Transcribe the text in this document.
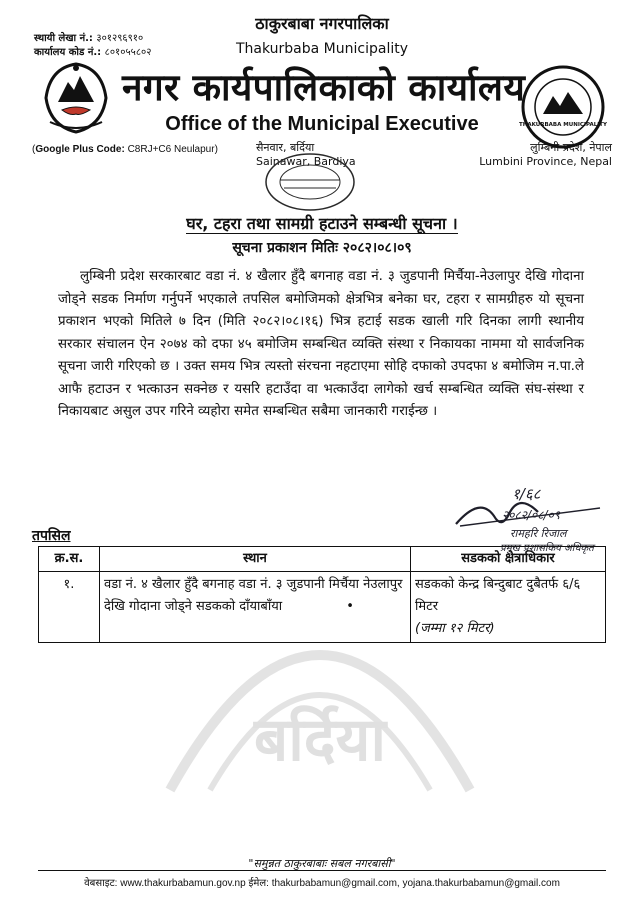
बर्दिया
स्थायी लेखा नं.: ३०१२९६९१०
कार्यालय कोड नं.: ८०१०५५८०२
THAKURBABA MUNICIPALITY
ठाकुरबाबा नगरपालिका
Thakurbaba Municipality
नगर कार्यपालिकाको कार्यालय
Office of the Municipal Executive
(Google Plus Code: C8RJ+C6 Neulapur)	सैनवार, बर्दिया
Sainawar, Bardiya
लुम्बिनी प्रदेश, नेपाल
Lumbini Province, Nepal
घर, टहरा तथा सामग्री हटाउने सम्बन्धी सूचना ।
सूचना प्रकाशन मितिः २०८२।०८।०९
लुम्बिनी प्रदेश सरकारबाट वडा नं. ४ खैलार हुँदै बगनाह वडा नं. ३ जुडपानी मिर्चैया-नेउलापुर देखि गोदाना जोड्ने सडक निर्माण गर्नुपर्ने भएकाले तपसिल बमोजिमको क्षेत्रभित्र बनेका घर, टहरा र सामग्रीहरु यो सूचना प्रकाशन भएको मितिले ७ दिन (मिति २०८२।०८।१६) भित्र हटाई सडक खाली गरि दिनका लागी स्थानीय सरकार संचालन ऐन २०७४ को दफा ४५ बमोजिम सम्बन्धित व्यक्ति संस्था र निकायका नाममा यो सार्वजनिक सूचना जारी गरिएको छ । उक्त समय भित्र त्यस्तो संरचना नहटाएमा सोहि दफाको उपदफा ४ बमोजिम न.पा.ले आफै हटाउन र भत्काउन सक्नेछ र यसरि हटाउँदा वा भत्काउँदा लागेको खर्च सम्बन्धित व्यक्ति संघ-संस्था र निकायबाट असुल उपर गरिने व्यहोरा समेत सम्बन्धित सबैमा जानकारी गराईन्छ ।
१/६८
२०८२/०८/०९
रामहरि रिजाल
प्रमुख प्रशासकिय अधिकृत
तपसिल
क्र.स.	स्थान	सडकको क्षेत्राधिकार
१.	वडा नं. ४ खैलार हुँदै बगनाह वडा नं. ३ जुडपानी मिर्चैया नेउलापुर देखि गोदाना जोड्ने सडकको दाँयाबाँया •	सडकको केन्द्र बिन्दुबाट दुबैतर्फ ६/६ मिटर
(जम्मा १२ मिटर)
"समुन्नत ठाकुरबाबाः सबल नगरबासी"
वेबसाइट: www.thakurbabamun.gov.np ईमेल: thakurbabamun@gmail.com, yojana.thakurbabamun@gmail.com
